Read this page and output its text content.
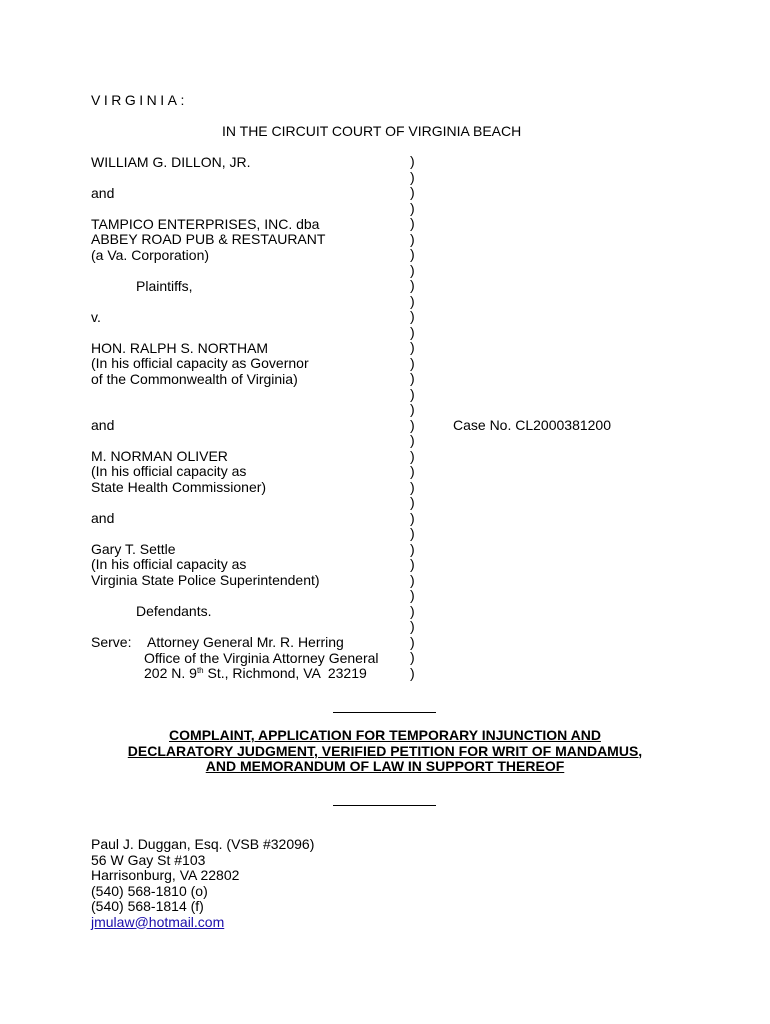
VIRGINIA:
IN THE CIRCUIT COURT OF VIRGINIA BEACH
WILLIAM G. DILLON, JR.
and
TAMPICO ENTERPRISES, INC. dba
ABBEY ROAD PUB & RESTAURANT
(a Va. Corporation)
Plaintiffs,
v.
HON. RALPH S. NORTHAM
(In his official capacity as Governor
of the Commonwealth of Virginia)
and
M. NORMAN OLIVER
(In his official capacity as
State Health Commissioner)
and
Gary T. Settle
(In his official capacity as
Virginia State Police Superintendent)
Defendants.
Serve: Attorney General Mr. R. Herring
Office of the Virginia Attorney General
202 N. 9th St., Richmond, VA  23219
)
)
)
)
)
)
)
)
)
)
)
)
)
)
)
)
)
)
)
)
)
)
)
)
)
)
)
)
)
)
)
)
)
)
Case No. CL2000381200
COMPLAINT, APPLICATION FOR TEMPORARY INJUNCTION AND
DECLARATORY JUDGMENT, VERIFIED PETITION FOR WRIT OF MANDAMUS,
AND MEMORANDUM OF LAW IN SUPPORT THEREOF
Paul J. Duggan, Esq. (VSB #32096)
56 W Gay St #103
Harrisonburg, VA 22802
(540) 568-1810 (o)
(540) 568-1814 (f)
jmulaw@hotmail.com
